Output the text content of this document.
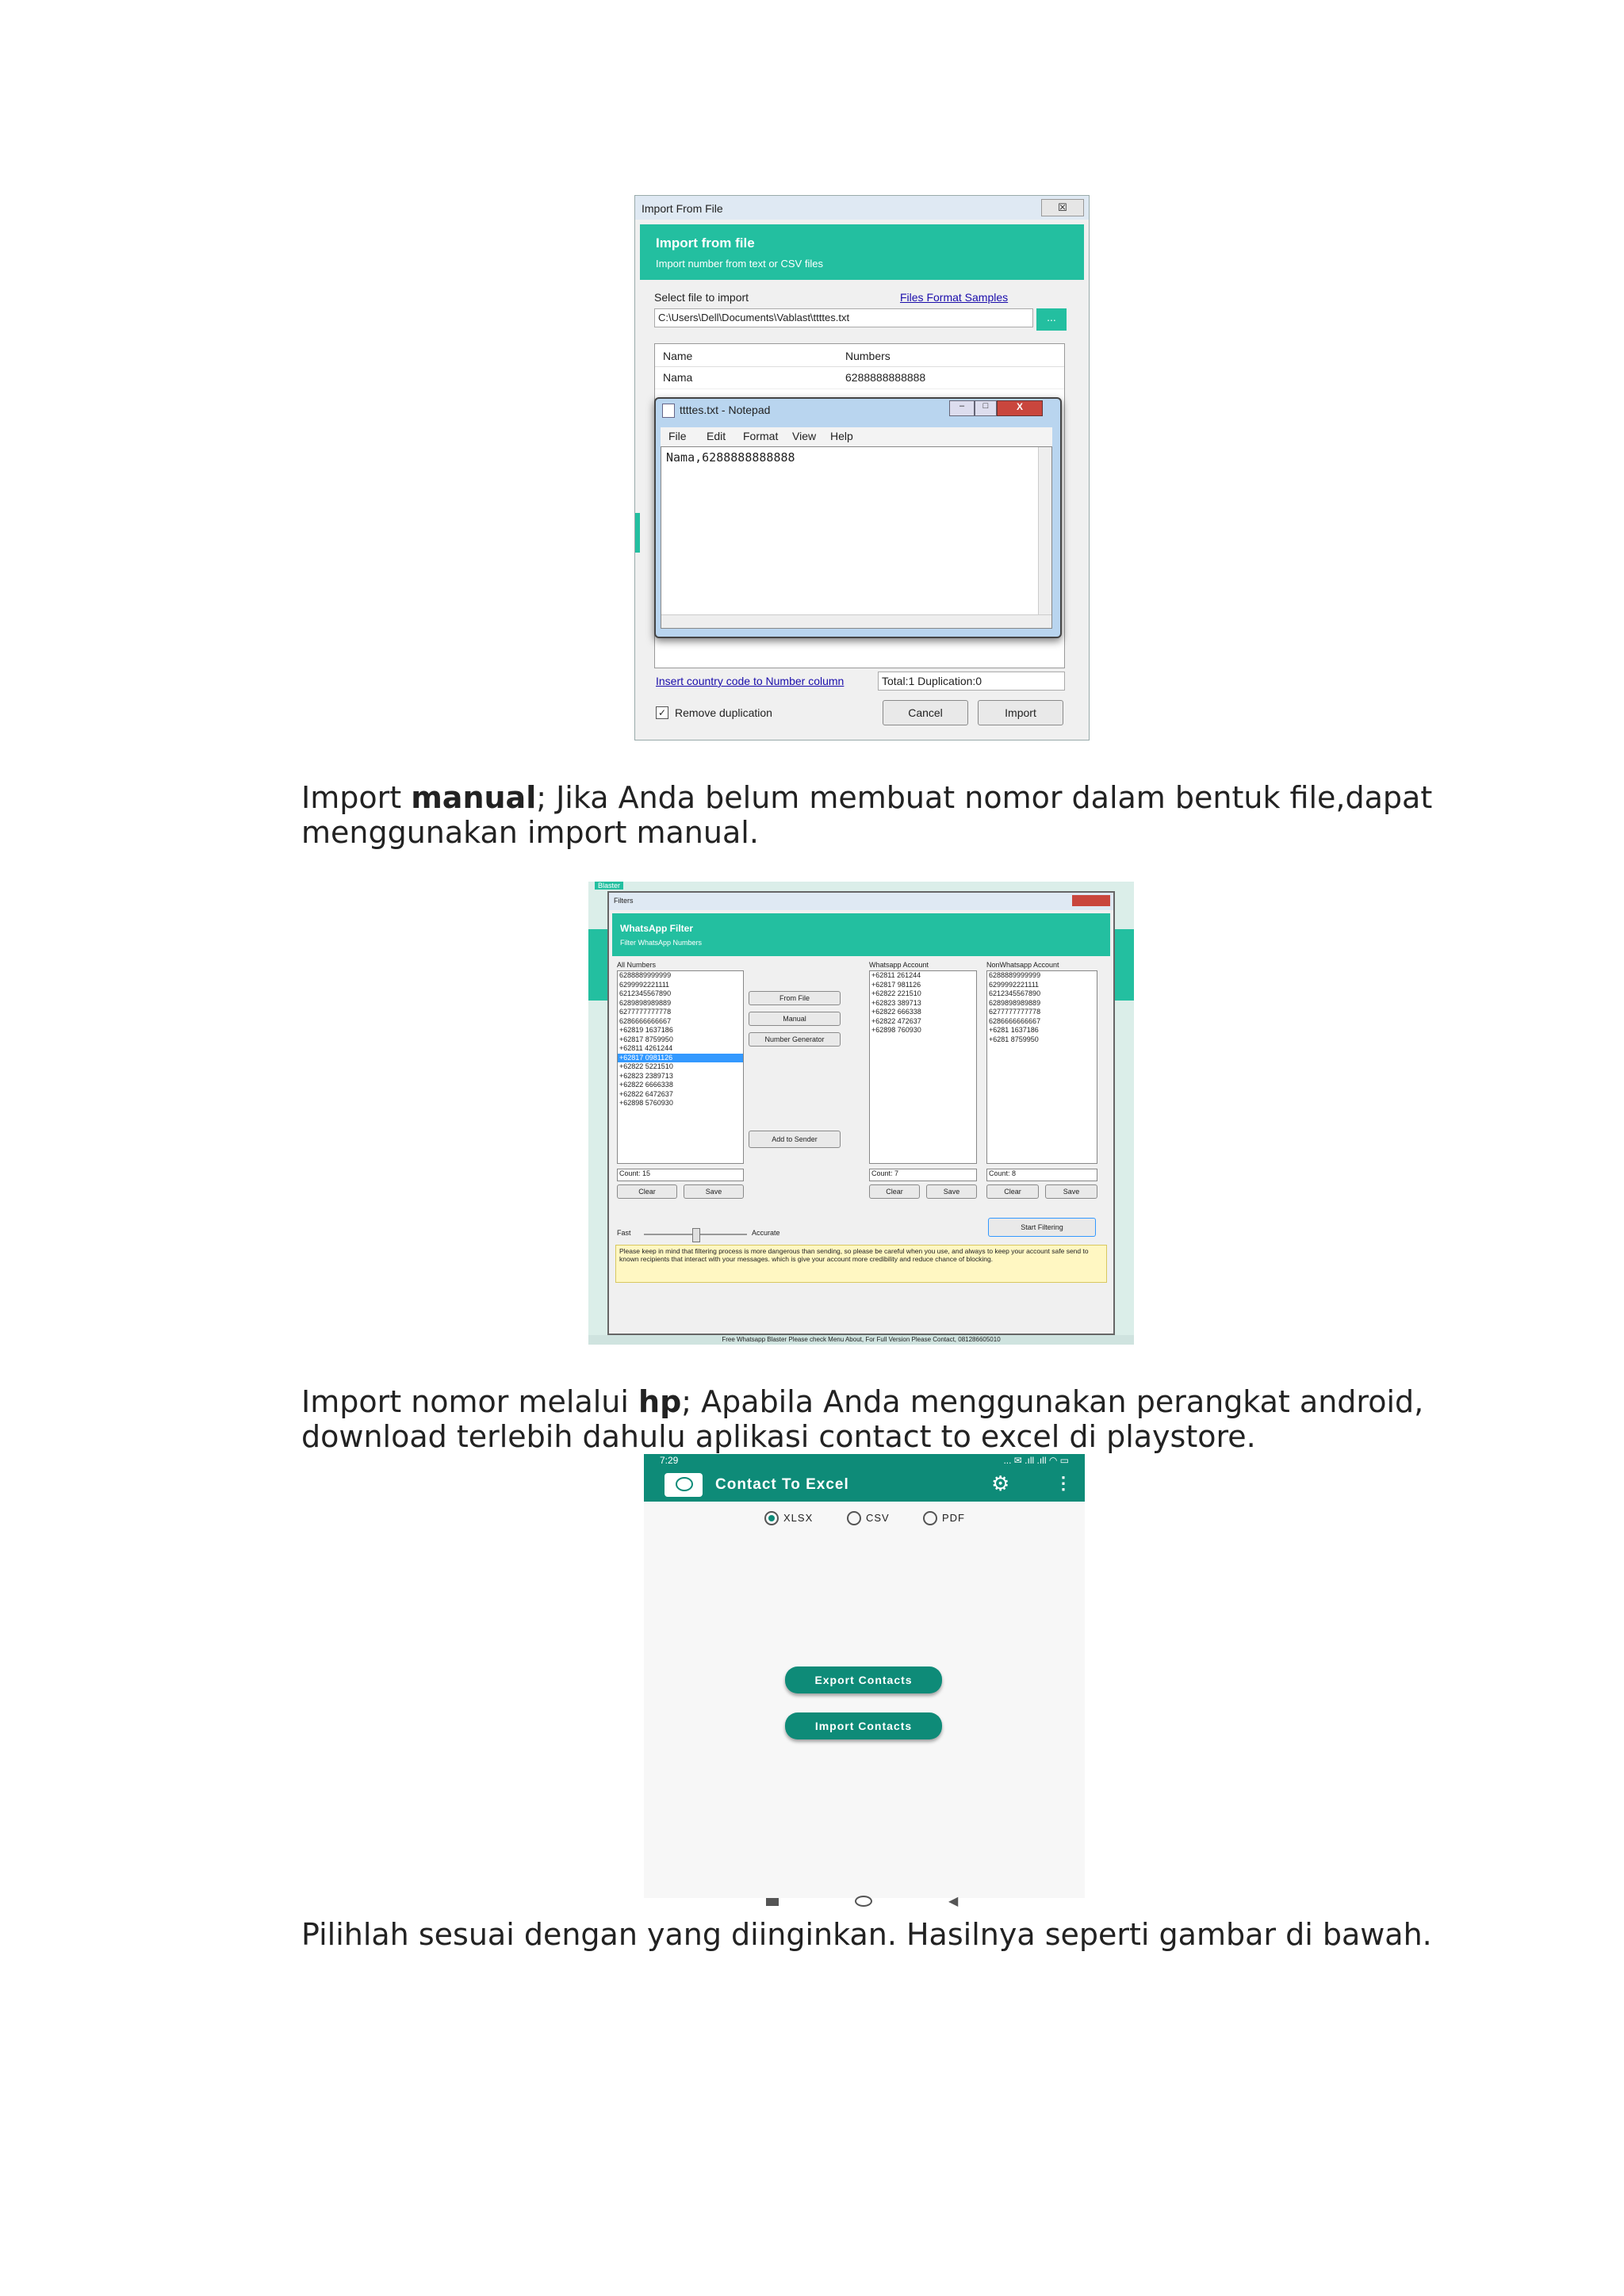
Import From File	☒
Import from file
Import number from text or CSV files
Select file to import	Files Format Samples
C:\Users\Dell\Documents\Vablast\ttttes.txt	...
Name	Numbers
Nama	6288888888888
ttttes.txt - Notepad	–	□	X
File Edit Format View Help
Nama,6288888888888
Insert country code to Number column	Total:1 Duplication:0
✓ Remove duplication	Cancel	Import
Import manual; Jika Anda belum membuat nomor dalam bentuk file,dapat
menggunakan import manual.
Blaster
Filters
WhatsApp Filter
Filter WhatsApp Numbers
All Numbers
6288889999999
6299992221111
6212345567890
6289898989889
6277777777778
6286666666667
+62819 1637186
+62817 8759950
+62811 4261244
+62817 0981126
+62822 5221510
+62823 2389713
+62822 6666338
+62822 6472637
+62898 5760930
Count: 15
Clear	Save
From File
Manual
Number Generator
Add to Sender
Whatsapp Account
+62811 261244
+62817 981126
+62822 221510
+62823 389713
+62822 666338
+62822 472637
+62898 760930
Count: 7
Clear	Save
NonWhatsapp Account
6288889999999
6299992221111
6212345567890
6289898989889
6277777777778
6286666666667
+6281 1637186
+6281 8759950
Count: 8
Clear	Save
Fast	Accurate
Start Filtering
Please keep in mind that filtering process is more dangerous than sending, so please be careful when you use, and always to keep your account safe send to known recipients that interact with your messages. which is give your account more credibility and reduce chance of blocking.
Free Whatsapp Blaster Please check Menu About, For Full Version Please Contact, 081286605010
Import nomor melalui hp; Apabila Anda menggunakan perangkat android,
download terlebih dahulu aplikasi contact to excel di playstore.
7:29	... ✉ .ıll .ıll ◠ ▭
Contact To Excel	⚙	⋮
XLSX	CSV	PDF
Export Contacts
Import Contacts
◀
Pilihlah sesuai dengan yang diinginkan. Hasilnya seperti gambar di bawah.
